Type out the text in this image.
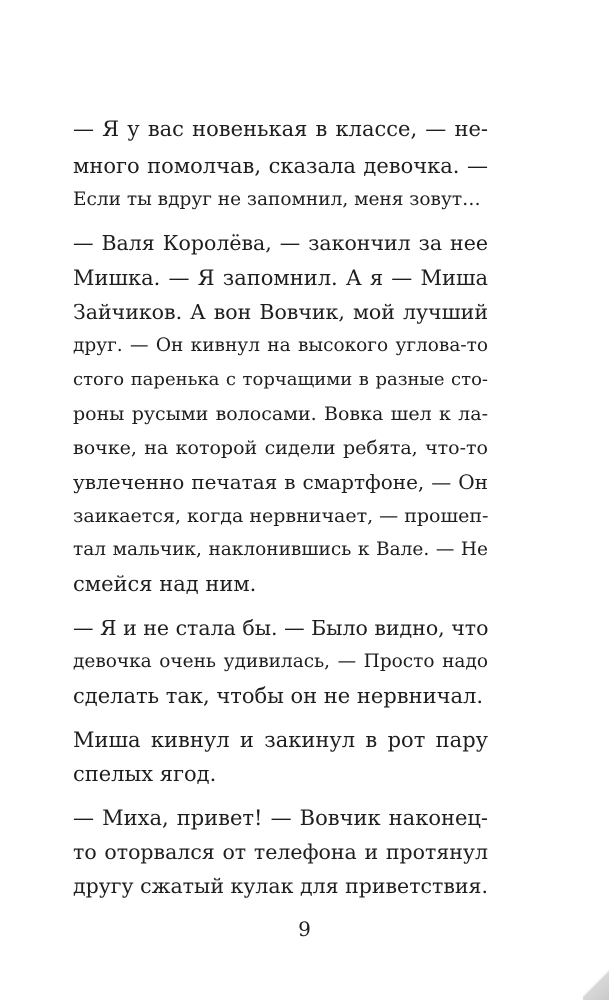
— Я у вас новенькая в классе, — не-
много помолчав, сказала девочка. —
Если ты вдруг не запомнил, меня зовут…
— Валя Королёва, — закончил за нее
Мишка. — Я запомнил. А я — Миша
Зайчиков. А вон Вовчик, мой лучший
друг. — Он кивнул на высокого углова-то
стого паренька с торчащими в разные сто-
роны русыми волосами. Вовка шел к ла-
вочке, на которой сидели ребята, что-то
увлеченно печатая в смартфоне, — Он
заикается, когда нервничает, — прошеп-
тал мальчик, наклонившись к Вале. — Не
смейся над ним.
— Я и не стала бы. — Было видно, что
девочка очень удивилась, — Просто надо
сделать так, чтобы он не нервничал.
Миша кивнул и закинул в рот пару
спелых ягод.
— Миха, привет! — Вовчик наконец-
то оторвался от телефона и протянул
другу сжатый кулак для приветствия.
9
